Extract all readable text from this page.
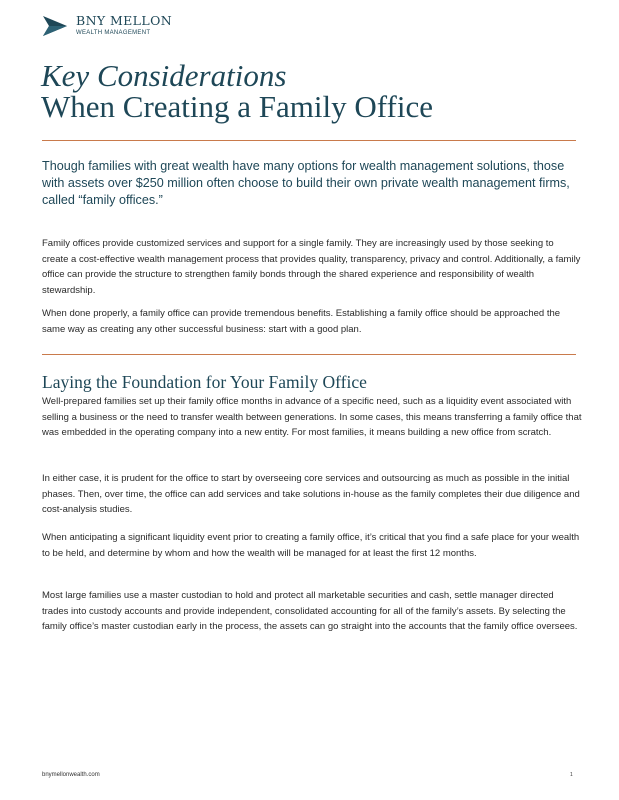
BNY MELLON
WEALTH MANAGEMENT
Key Considerations
When Creating a Family Office
Though families with great wealth have many options for wealth management solutions, those with assets over $250 million often choose to build their own private wealth management firms, called “family offices.”
Family offices provide customized services and support for a single family. They are increasingly used by those seeking to create a cost-effective wealth management process that provides quality, transparency, privacy and control. Additionally, a family office can provide the structure to strengthen family bonds through the shared experience and responsibility of wealth stewardship.
When done properly, a family office can provide tremendous benefits. Establishing a family office should be approached the same way as creating any other successful business: start with a good plan.
Laying the Foundation for Your Family Office
Well-prepared families set up their family office months in advance of a specific need, such as a liquidity event associated with selling a business or the need to transfer wealth between generations. In some cases, this means transferring a family office that was embedded in the operating company into a new entity. For most families, it means building a new office from scratch.
In either case, it is prudent for the office to start by overseeing core services and outsourcing as much as possible in the initial phases. Then, over time, the office can add services and take solutions in-house as the family completes their due diligence and cost-analysis studies.
When anticipating a significant liquidity event prior to creating a family office, it’s critical that you find a safe place for your wealth to be held, and determine by whom and how the wealth will be managed for at least the first 12 months.
Most large families use a master custodian to hold and protect all marketable securities and cash, settle manager directed trades into custody accounts and provide independent, consolidated accounting for all of the family’s assets. By selecting the family office’s master custodian early in the process, the assets can go straight into the accounts that the family office oversees.
bnymellonwealth.com	1
